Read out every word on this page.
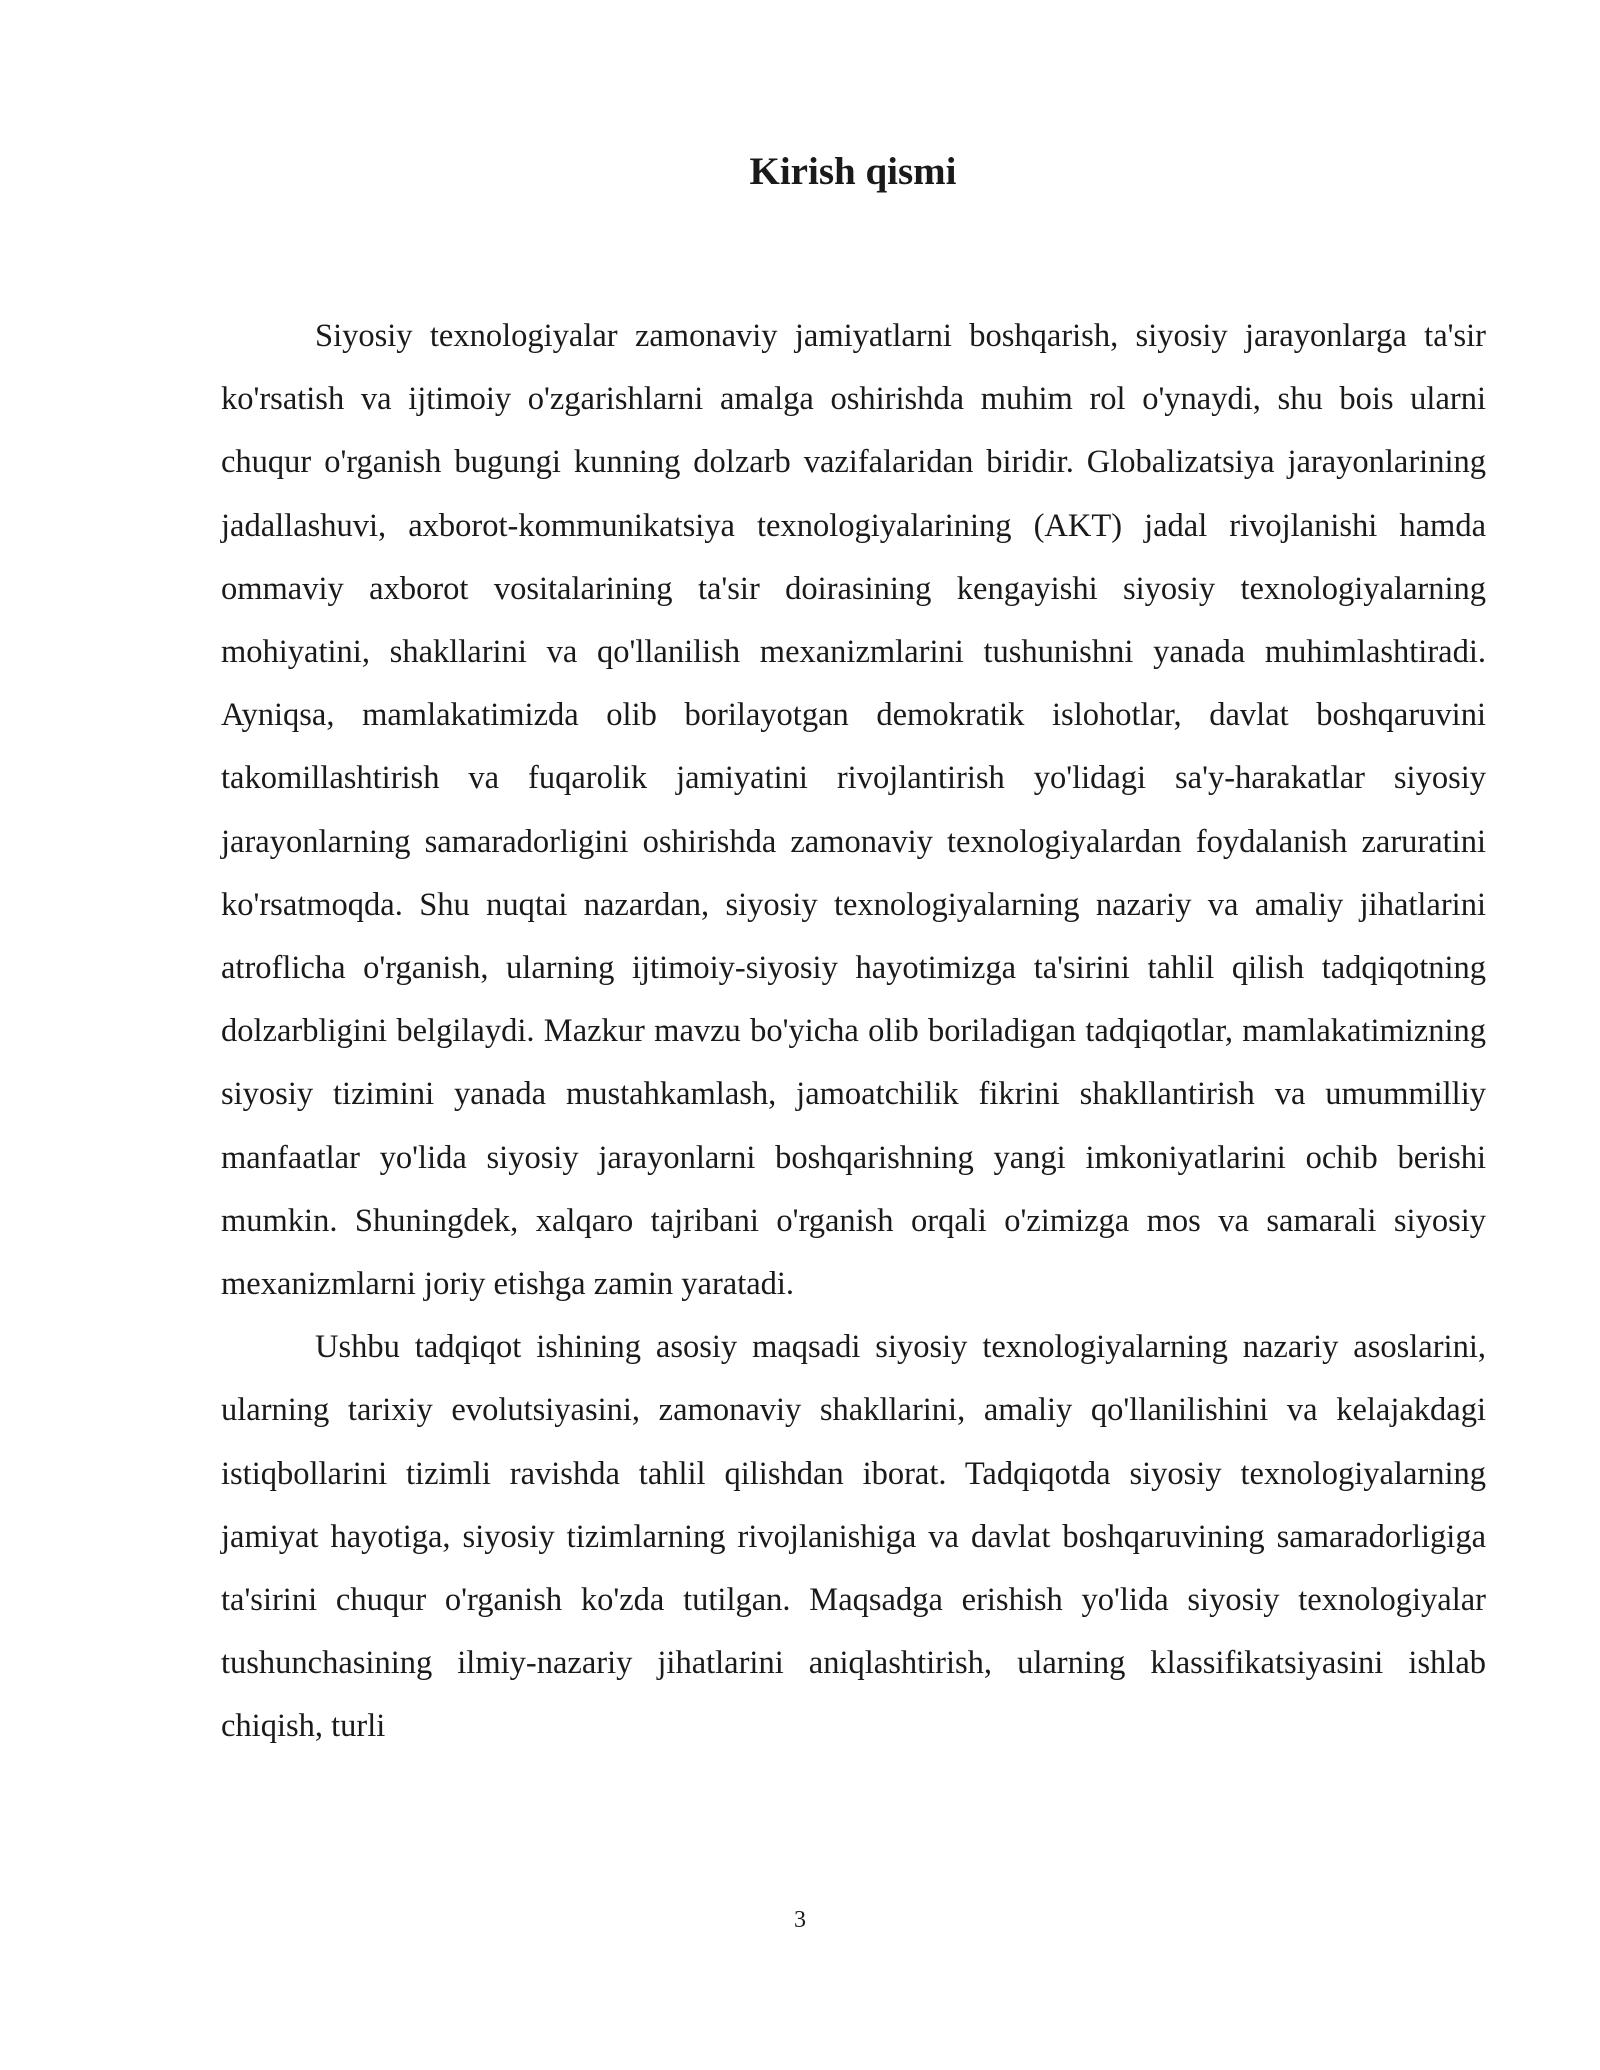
Kirish qismi

Siyosiy texnologiyalar zamonaviy jamiyatlarni boshqarish, siyosiy jarayonlarga ta'sir ko'rsatish va ijtimoiy o'zgarishlarni amalga oshirishda muhim rol o'ynaydi, shu bois ularni chuqur o'rganish bugungi kunning dolzarb vazifalaridan biridir. Globalizatsiya jarayonlarining jadallashuvi, axborot-kommunikatsiya texnologiyalarining (AKT) jadal rivojlanishi hamda ommaviy axborot vositalarining ta'sir doirasining kengayishi siyosiy texnologiyalarning mohiyatini, shakllarini va qo'llanilish mexanizmlarini tushunishni yanada muhimlashtiradi. Ayniqsa, mamlakatimizda olib borilayotgan demokratik islohotlar, davlat boshqaruvini takomillashtirish va fuqarolik jamiyatini rivojlantirish yo'lidagi sa'y-harakatlar siyosiy jarayonlarning samaradorligini oshirishda zamonaviy texnologiyalardan foydalanish zaruratini ko'rsatmoqda. Shu nuqtai nazardan, siyosiy texnologiyalarning nazariy va amaliy jihatlarini atroflicha o'rganish, ularning ijtimoiy-siyosiy hayotimizga ta'sirini tahlil qilish tadqiqotning dolzarbligini belgilaydi. Mazkur mavzu bo'yicha olib boriladigan tadqiqotlar, mamlakatimizning siyosiy tizimini yanada mustahkamlash, jamoatchilik fikrini shakllantirish va umummilliy manfaatlar yo'lida siyosiy jarayonlarni boshqarishning yangi imkoniyatlarini ochib berishi mumkin. Shuningdek, xalqaro tajribani o'rganish orqali o'zimizga mos va samarali siyosiy mexanizmlarni joriy etishga zamin yaratadi.

Ushbu tadqiqot ishining asosiy maqsadi siyosiy texnologiyalarning nazariy asoslarini, ularning tarixiy evolutsiyasini, zamonaviy shakllarini, amaliy qo'llanilishini va kelajakdagi istiqbollarini tizimli ravishda tahlil qilishdan iborat. Tadqiqotda siyosiy texnologiyalarning jamiyat hayotiga, siyosiy tizimlarning rivojlanishiga va davlat boshqaruvining samaradorligiga ta'sirini chuqur o'rganish ko'zda tutilgan. Maqsadga erishish yo'lida siyosiy texnologiyalar tushunchasining ilmiy-nazariy jihatlarini aniqlashtirish, ularning klassifikatsiyasini ishlab chiqish, turli

3
